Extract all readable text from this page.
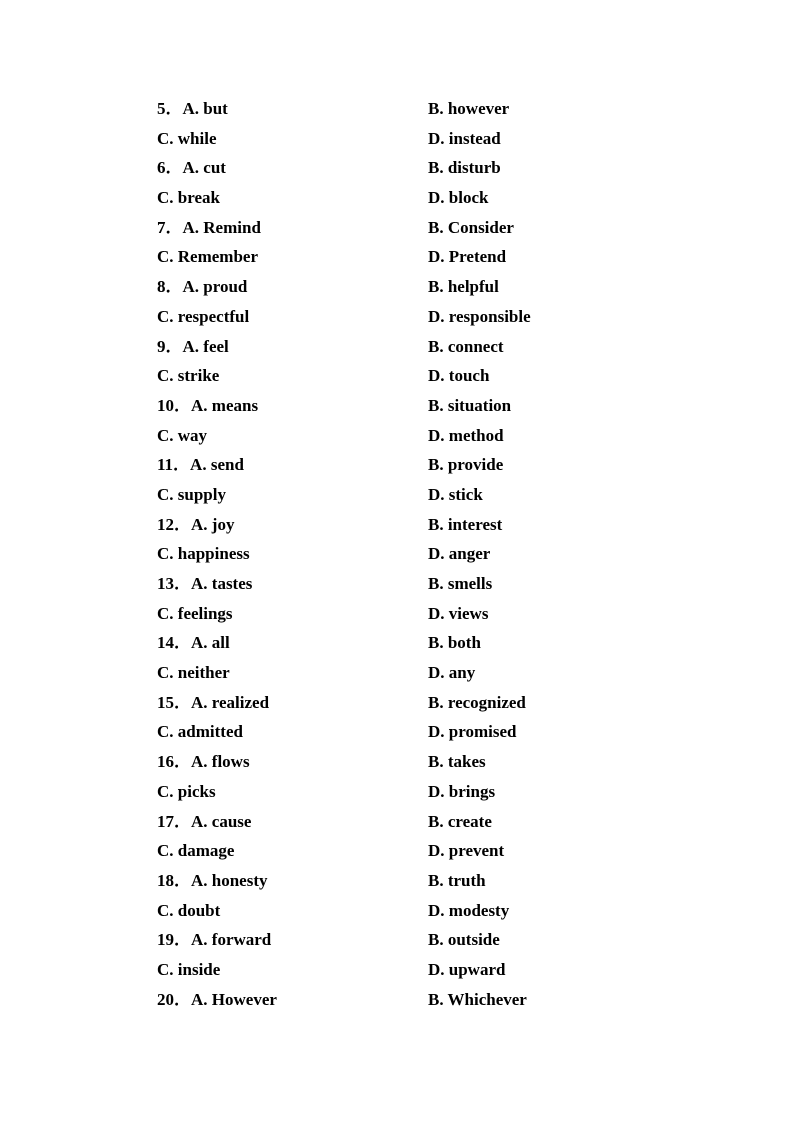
5．A. but	B. however
C. while	D. instead
6．A. cut	B. disturb
C. break	D. block
7．A. Remind	B. Consider
C. Remember	D. Pretend
8．A. proud	B. helpful
C. respectful	D. responsible
9．A. feel	B. connect
C. strike	D. touch
10．A. means	B. situation
C. way	D. method
11．A. send	B. provide
C. supply	D. stick
12．A. joy	B. interest
C. happiness	D. anger
13．A. tastes	B. smells
C. feelings	D. views
14．A. all	B. both
C. neither	D. any
15．A. realized	B. recognized
C. admitted	D. promised
16．A. flows	B. takes
C. picks	D. brings
17．A. cause	B. create
C. damage	D. prevent
18．A. honesty	B. truth
C. doubt	D. modesty
19．A. forward	B. outside
C. inside	D. upward
20．A. However	B. Whichever
